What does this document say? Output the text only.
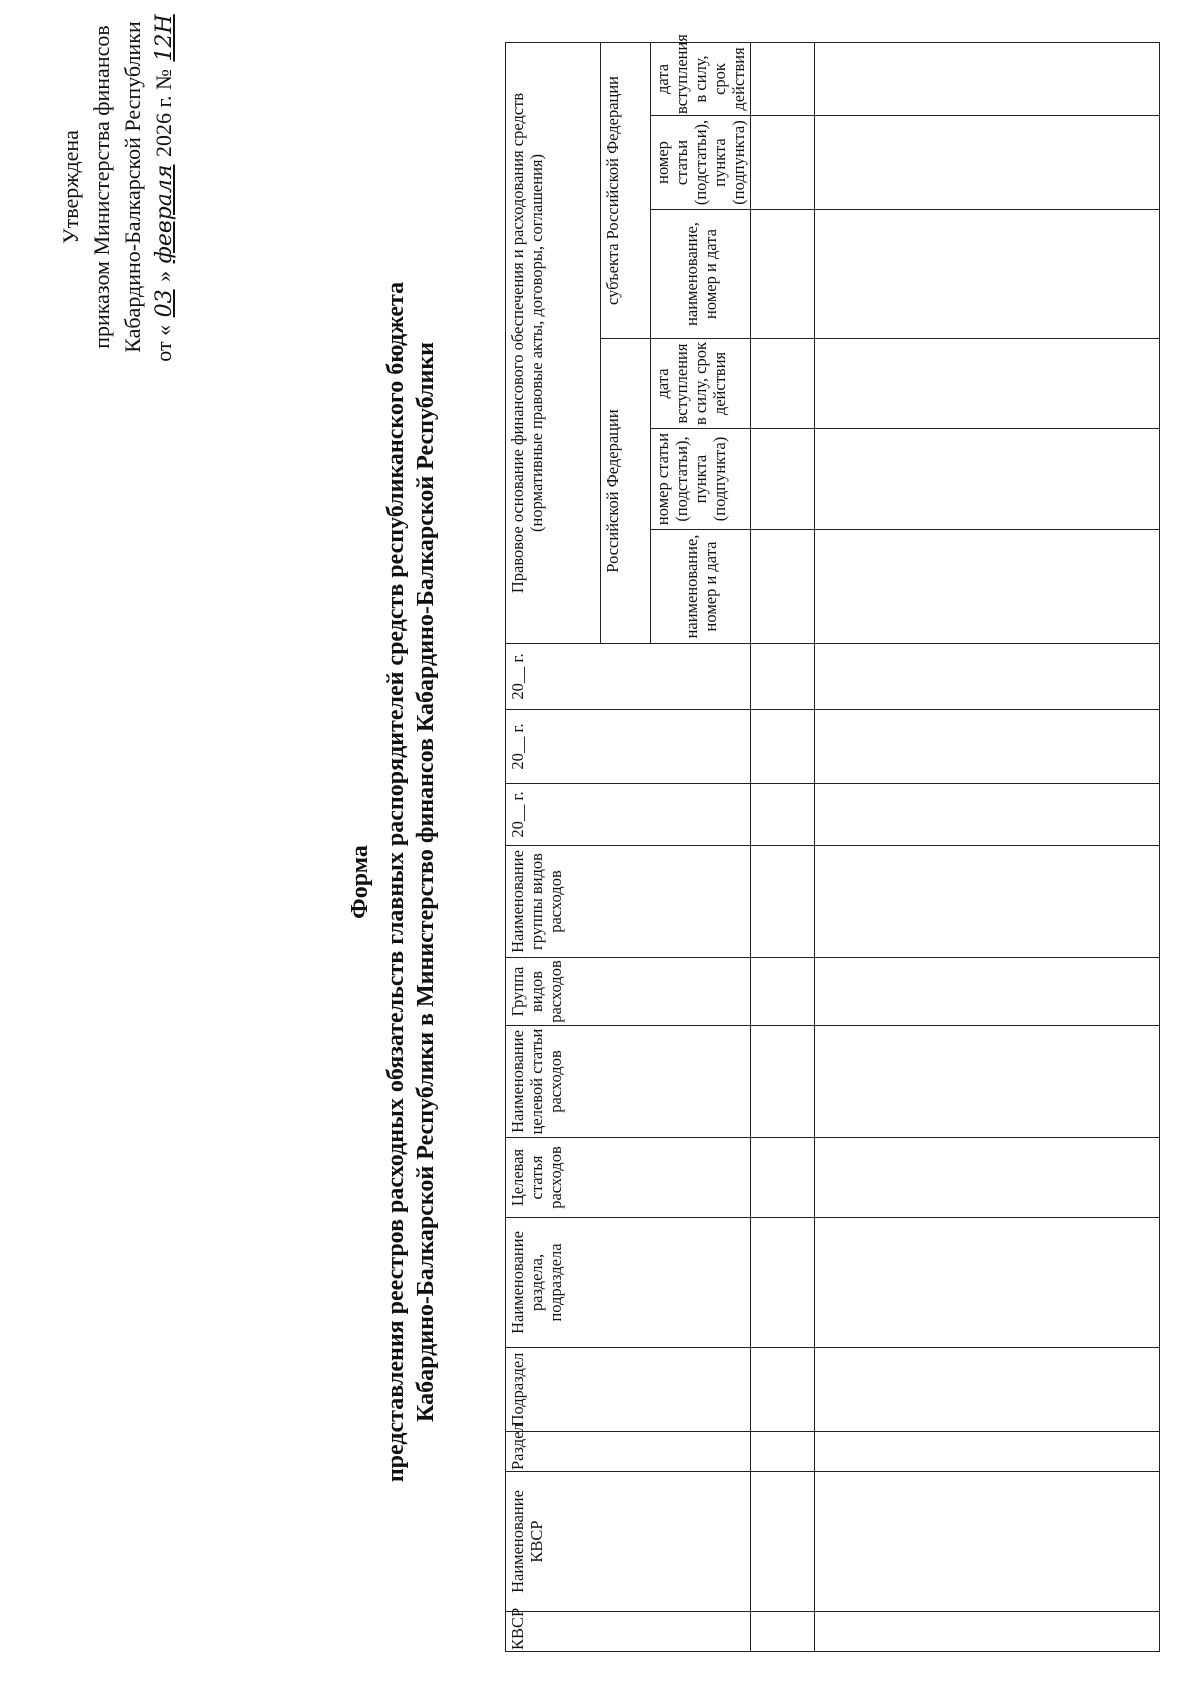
Утверждена приказом Министерства финансов Кабардино-Балкарской Республики от « 03 » февраля 2026 г. № 12Н
Форма представления реестров расходных обязательств главных распорядителей средств республиканского бюджета Кабардино-Балкарской Республики в Министерство финансов Кабардино-Балкарской Республики
КВСР	Наименование КВСР	Раздел	Подраздел	Наименование раздела, подраздела	Целевая статья расходов	Наименование целевой статьи расходов	Группа видов расходов	Наименование группы видов расходов	20__ г.	20__ г.	20__ г.	Правовое основание финансового обеспечения и расходования средств (нормативные правовые акты, договоры, соглашения)					
												Российской Федерации			субъекта Российской Федерации		
												наименование, номер и дата	номер статьи (подстатьи), пункта (подпункта)	дата вступления в силу, срок действия	наименование, номер и дата	номер статьи (подстатьи), пункта (подпункта)	дата вступления в силу, срок действия
